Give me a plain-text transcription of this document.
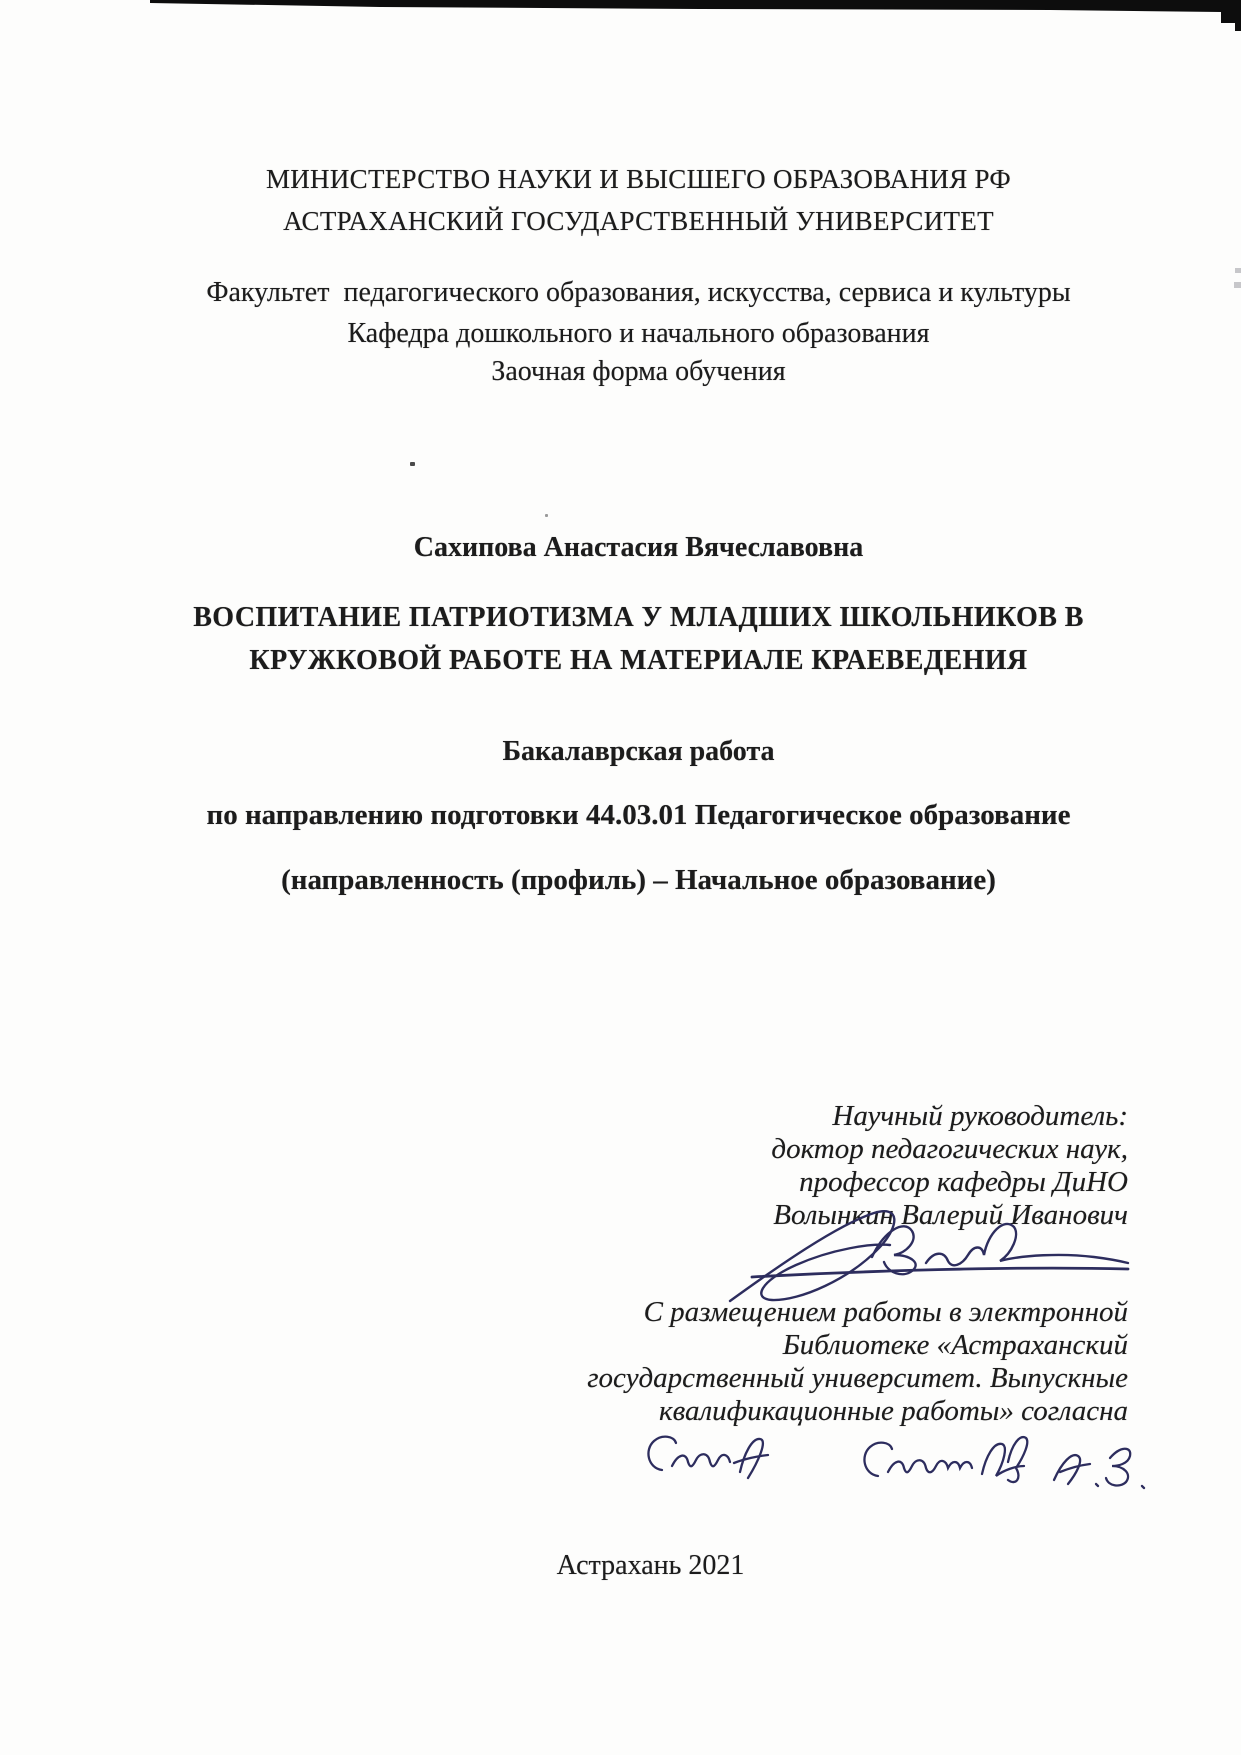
МИНИСТЕРСТВО НАУКИ И ВЫСШЕГО ОБРАЗОВАНИЯ РФ
АСТРАХАНСКИЙ ГОСУДАРСТВЕННЫЙ УНИВЕРСИТЕТ
Факультет  педагогического образования, искусства, сервиса и культуры
Кафедра дошкольного и начального образования
Заочная форма обучения
Сахипова Анастасия Вячеславовна
ВОСПИТАНИЕ ПАТРИОТИЗМА У МЛАДШИХ ШКОЛЬНИКОВ В
КРУЖКОВОЙ РАБОТЕ НА МАТЕРИАЛЕ КРАЕВЕДЕНИЯ
Бакалаврская работа
по направлению подготовки 44.03.01 Педагогическое образование
(направленность (профиль) – Начальное образование)
Научный руководитель:
доктор педагогических наук,
профессор кафедры ДиНО
Волынкин Валерий Иванович
С размещением работы в электронной
Библиотеке «Астраханский
государственный университет. Выпускные
квалификационные работы» согласна
Астрахань 2021
